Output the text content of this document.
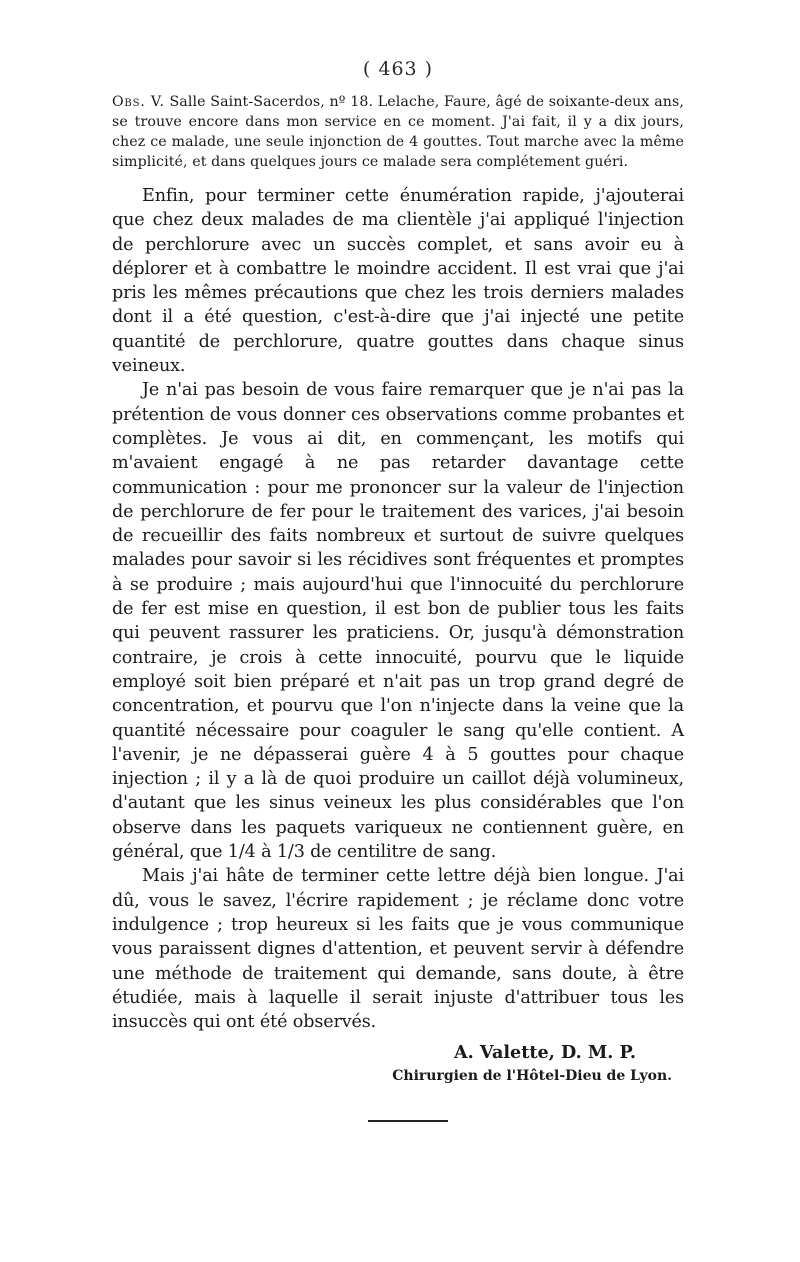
( 463 )

Obs. V. Salle Saint-Sacerdos, nº 18. Lelache, Faure, âgé de soixante-deux ans, se trouve encore dans mon service en ce moment. J'ai fait, il y a dix jours, chez ce malade, une seule injonction de 4 gouttes. Tout marche avec la même simplicité, et dans quelques jours ce malade sera complétement guéri.

Enfin, pour terminer cette énumération rapide, j'ajouterai que chez deux malades de ma clientèle j'ai appliqué l'injection de perchlorure avec un succès complet, et sans avoir eu à déplorer et à combattre le moindre accident. Il est vrai que j'ai pris les mêmes précautions que chez les trois derniers malades dont il a été question, c'est-à-dire que j'ai injecté une petite quantité de perchlorure, quatre gouttes dans chaque sinus veineux.

Je n'ai pas besoin de vous faire remarquer que je n'ai pas la prétention de vous donner ces observations comme probantes et complètes. Je vous ai dit, en commençant, les motifs qui m'avaient engagé à ne pas retarder davantage cette communication : pour me prononcer sur la valeur de l'injection de perchlorure de fer pour le traitement des varices, j'ai besoin de recueillir des faits nombreux et surtout de suivre quelques malades pour savoir si les récidives sont fréquentes et promptes à se produire ; mais aujourd'hui que l'innocuité du perchlorure de fer est mise en question, il est bon de publier tous les faits qui peuvent rassurer les praticiens. Or, jusqu'à démonstration contraire, je crois à cette innocuité, pourvu que le liquide employé soit bien préparé et n'ait pas un trop grand degré de concentration, et pourvu que l'on n'injecte dans la veine que la quantité nécessaire pour coaguler le sang qu'elle contient. A l'avenir, je ne dépasserai guère 4 à 5 gouttes pour chaque injection ; il y a là de quoi produire un caillot déjà volumineux, d'autant que les sinus veineux les plus considérables que l'on observe dans les paquets variqueux ne contiennent guère, en général, que 1/4 à 1/3 de centilitre de sang.

Mais j'ai hâte de terminer cette lettre déjà bien longue. J'ai dû, vous le savez, l'écrire rapidement ; je réclame donc votre indulgence ; trop heureux si les faits que je vous communique vous paraissent dignes d'attention, et peuvent servir à défendre une méthode de traitement qui demande, sans doute, à être étudiée, mais à laquelle il serait injuste d'attribuer tous les insuccès qui ont été observés.

A. Valette, D. M. P.
Chirurgien de l'Hôtel-Dieu de Lyon.
